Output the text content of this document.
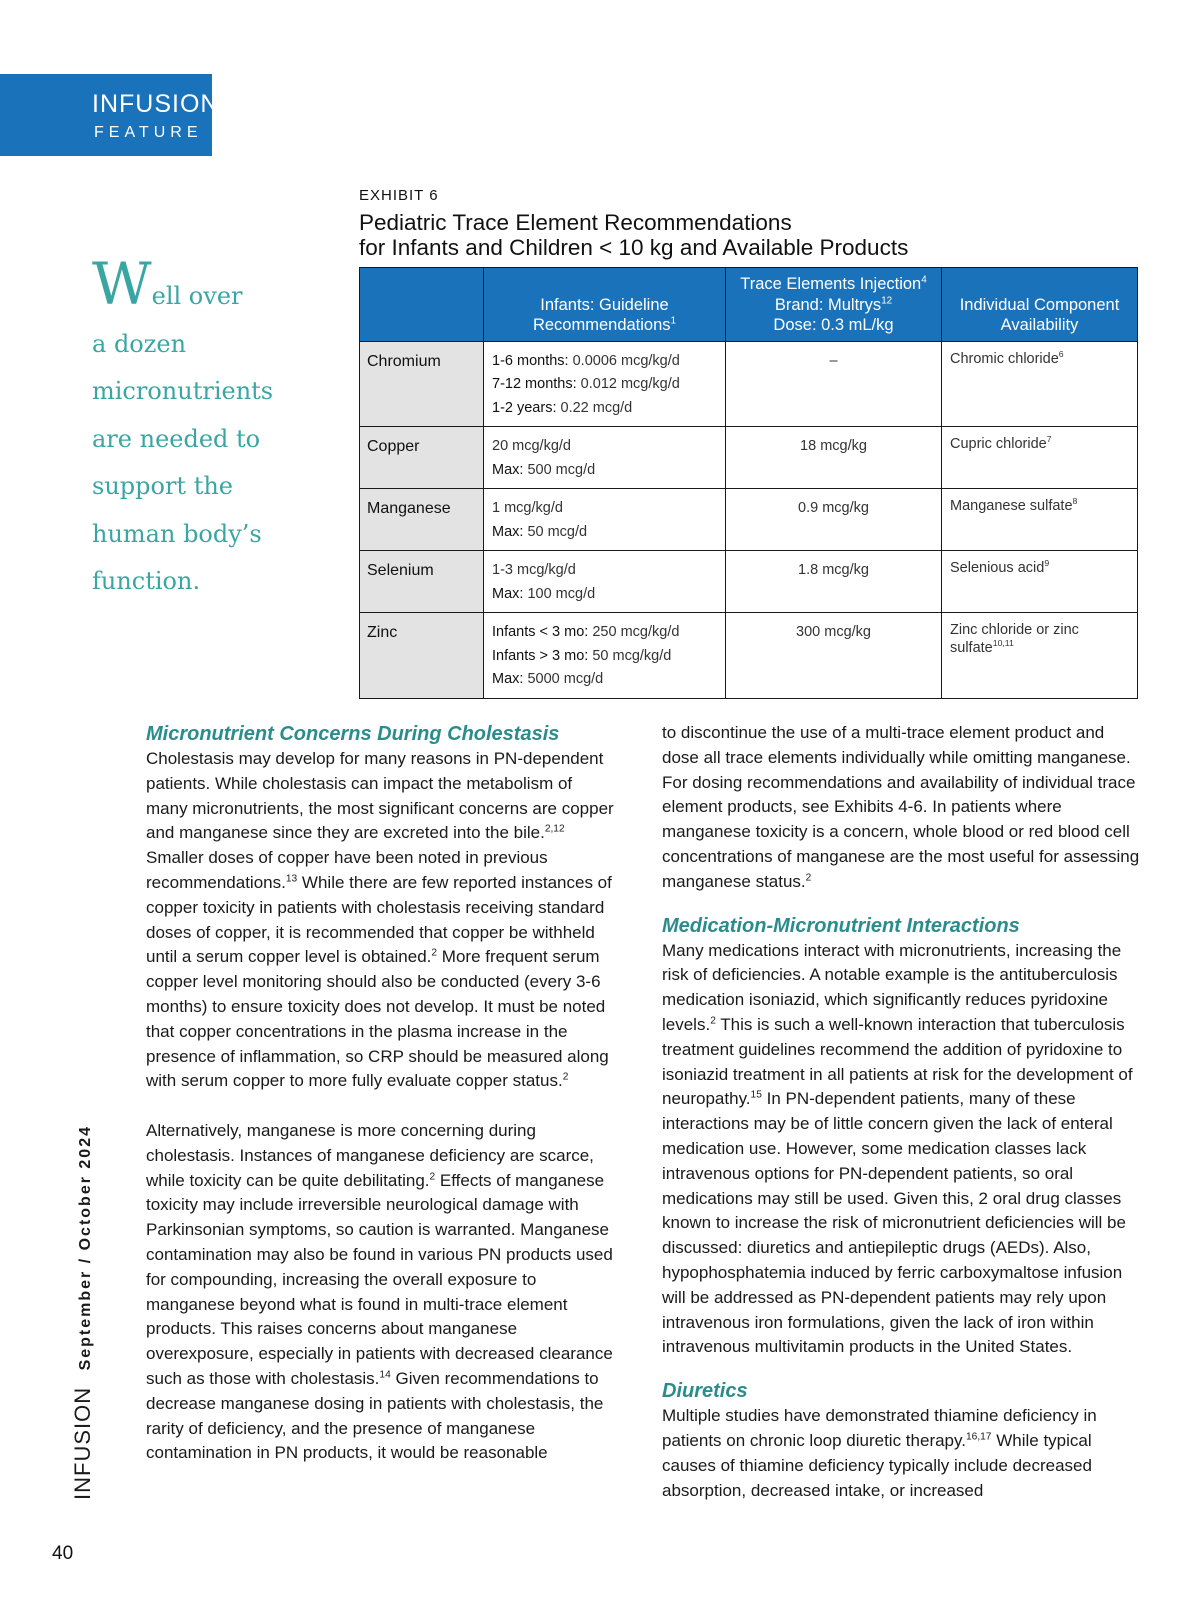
INFUSION
FEATURE

Well over
a dozen
micronutrients
are needed to
support the
human body’s
function.

EXHIBIT 6
Pediatric Trace Element Recommendations
for Infants and Children < 10 kg and Available Products
	Infants: Guideline
Recommendations$^1$	Trace Elements Injection$^4$
Brand: Multrys$^{12}$
Dose: 0.3 mL/kg	Individual Component
Availability
Chromium	1-6 months: 0.0006 mcg/kg/d
7-12 months: 0.012 mcg/kg/d
1-2 years: 0.22 mcg/d	–	Chromic chloride$^6$
Copper	20 mcg/kg/d
Max: 500 mcg/d	18 mcg/kg	Cupric chloride$^7$
Manganese	1 mcg/kg/d
Max: 50 mcg/d	0.9 mcg/kg	Manganese sulfate$^8$
Selenium	1-3 mcg/kg/d
Max: 100 mcg/d	1.8 mcg/kg	Selenious acid$^9$
Zinc	Infants < 3 mo: 250 mcg/kg/d
Infants > 3 mo: 50 mcg/kg/d
Max: 5000 mcg/d	300 mcg/kg	Zinc chloride or zinc sulfate$^{10,11}$
Micronutrient Concerns During Cholestasis

Cholestasis may develop for many reasons in PN-dependent patients. While cholestasis can impact the metabolism of many micronutrients, the most significant concerns are copper and manganese since they are excreted into the bile.$^{2,12}$ Smaller doses of copper have been noted in previous recommendations.$^{13}$ While there are few reported instances of copper toxicity in patients with cholestasis receiving standard doses of copper, it is recommended that copper be withheld until a serum copper level is obtained.$^2$ More frequent serum copper level monitoring should also be conducted (every 3-6 months) to ensure toxicity does not develop. It must be noted that copper concentrations in the plasma increase in the presence of inflammation, so CRP should be measured along with serum copper to more fully evaluate copper status.$^2$

Alternatively, manganese is more concerning during cholestasis. Instances of manganese deficiency are scarce, while toxicity can be quite debilitating.$^2$ Effects of manganese toxicity may include irreversible neurological damage with Parkinsonian symptoms, so caution is warranted. Manganese contamination may also be found in various PN products used for compounding, increasing the overall exposure to manganese beyond what is found in multi-trace element products. This raises concerns about manganese overexposure, especially in patients with decreased clearance such as those with cholestasis.$^{14}$ Given recommendations to decrease manganese dosing in patients with cholestasis, the rarity of deficiency, and the presence of manganese contamination in PN products, it would be reasonable

to discontinue the use of a multi-trace element product and dose all trace elements individually while omitting manganese. For dosing recommendations and availability of individual trace element products, see Exhibits 4-6. In patients where manganese toxicity is a concern, whole blood or red blood cell concentrations of manganese are the most useful for assessing manganese status.$^2$

Medication-Micronutrient Interactions

Many medications interact with micronutrients, increasing the risk of deficiencies. A notable example is the antituberculosis medication isoniazid, which significantly reduces pyridoxine levels.$^2$ This is such a well-known interaction that tuberculosis treatment guidelines recommend the addition of pyridoxine to isoniazid treatment in all patients at risk for the development of neuropathy.$^{15}$ In PN-dependent patients, many of these interactions may be of little concern given the lack of enteral medication use. However, some medication classes lack intravenous options for PN-dependent patients, so oral medications may still be used. Given this, 2 oral drug classes known to increase the risk of micronutrient deficiencies will be discussed: diuretics and antiepileptic drugs (AEDs). Also, hypophosphatemia induced by ferric carboxymaltose infusion will be addressed as PN-dependent patients may rely upon intravenous iron formulations, given the lack of iron within intravenous multivitamin products in the United States.

Diuretics

Multiple studies have demonstrated thiamine deficiency in patients on chronic loop diuretic therapy.$^{16,17}$ While typical causes of thiamine deficiency typically include decreased absorption, decreased intake, or increased

INFUSION September / October 2024
40
